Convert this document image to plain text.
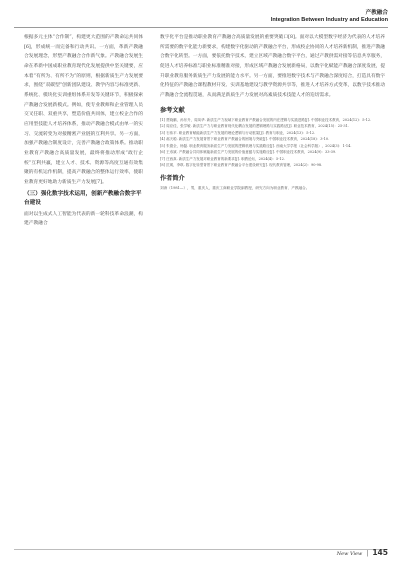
产教融合
Integration Between Industry and Education

根据多元主体“合作制”，构建更大范围的产教命运共同体[6]，形成统一而完备和行动共识。一方面，革新产教融合发展理念，形塑产教融合合作新气象。产教融合发展生命在革新中国成职业教育现代化发展提供中坚关键要，应本着“有所为、有所不为”的原则，根据新质生产力发展要求，围绕“双碳型”创新团队建设、教学内容与标准更新、系统化、模块化实训重组体系开发等关键环节，积极探索产教融合发展新模式。例如，使专业教师和企业管理人员交叉任职、双重共享，塑造价值共同体，建立校企合作的应用型技能人才培养体系，推动产教融合模式由单一的实习、交流转变为对接精密产业链的互利共享。另一方面，加强产教融合制度设计，完善产教融合政策体系。推动职业教育产教融合高质量发展，最终将推动形成“政行企校”互利共赢，建立人才、技术、资源等高度互通有效集聚的有机运作机制，提高产教融合的整体运行效率，使职业教育更好地助力新质生产力发展[7]。

（三）强化数字技术运用，创新产教融合数字平台建设

面对以生成式人工智能为代表的新一轮科技革命浪潮，构建产教融合

数字化平台是推动职业教育产教融合高质量发展的重要突破口[8]。面对以大模型数字经济为代表的人才培养所需要的数字化能力新要求，构建数字化驱动的产教融合平台，形成校企协同的人才培养新机制，推进产教融合数字化转型。一方面，要依托数字技术，建立区域产教融合数字平台，通过产教供需对接等信息共享服务，促进人才培养标准与职业标准精准对接，形成区域产教融合发展新格局，以数字化赋能产教融合深度发展，提升职业教育服务新质生产力发展的能力水平。另一方面，要推进数字技术与产教融合深度结合，打造具有数字化特征的产教融合课程教材开发、实训基地建设与教学资源共享等，推进人才培养方式变革，以数字技术推动产教融合全流程贯通，从而满足新质生产力发展对高素质技术技能人才的迫切需求。

参考文献

[1] 贾晓鹏，孙东升，周凤华. 新质生产力视域下职业教育产教融合发展的内在逻辑与实践进路[J]. 中国职业技术教育，2024(12)：5-12.

[2] 周应佳，张学敏. 新质生产力与职业教育现代化耦合发展的逻辑理路与实践路径[J]. 职业技术教育，2024(15)：25-31.

[3] 石伟平. 职业教育赋能新质生产力发展的理论逻辑与行动框架[J]. 教育与职业，2024(13)：5-12.

[4] 郝天聪. 新质生产力发展背景下职业教育产教融合的困境与突破[J]. 中国职业技术教育，2024(18)：3-10.

[5] 朱德全，杨磊. 职业教育服务新质生产力发展的逻辑机理与实践路径[J]. 西南大学学报（社会科学版），2024(3)：1-14.

[6] 王寿斌. 产教融合共同体赋能新质生产力发展的价值意蕴与实施路径[J]. 中国职业技术教育，2024(9)：33-39.

[7] 庄西真. 新质生产力发展对职业教育的新要求[J]. 职教论坛，2024(4)：5-12.

[8] 匡瑛，李琪. 数字化转型背景下职业教育产教融合平台建设研究[J]. 现代教育管理，2024(2)：90-98.

作者简介

刘涛（1981—），男，重庆人，重庆工商职业学院副教授，研究方向为职业教育、产教融合。

New View | 145
